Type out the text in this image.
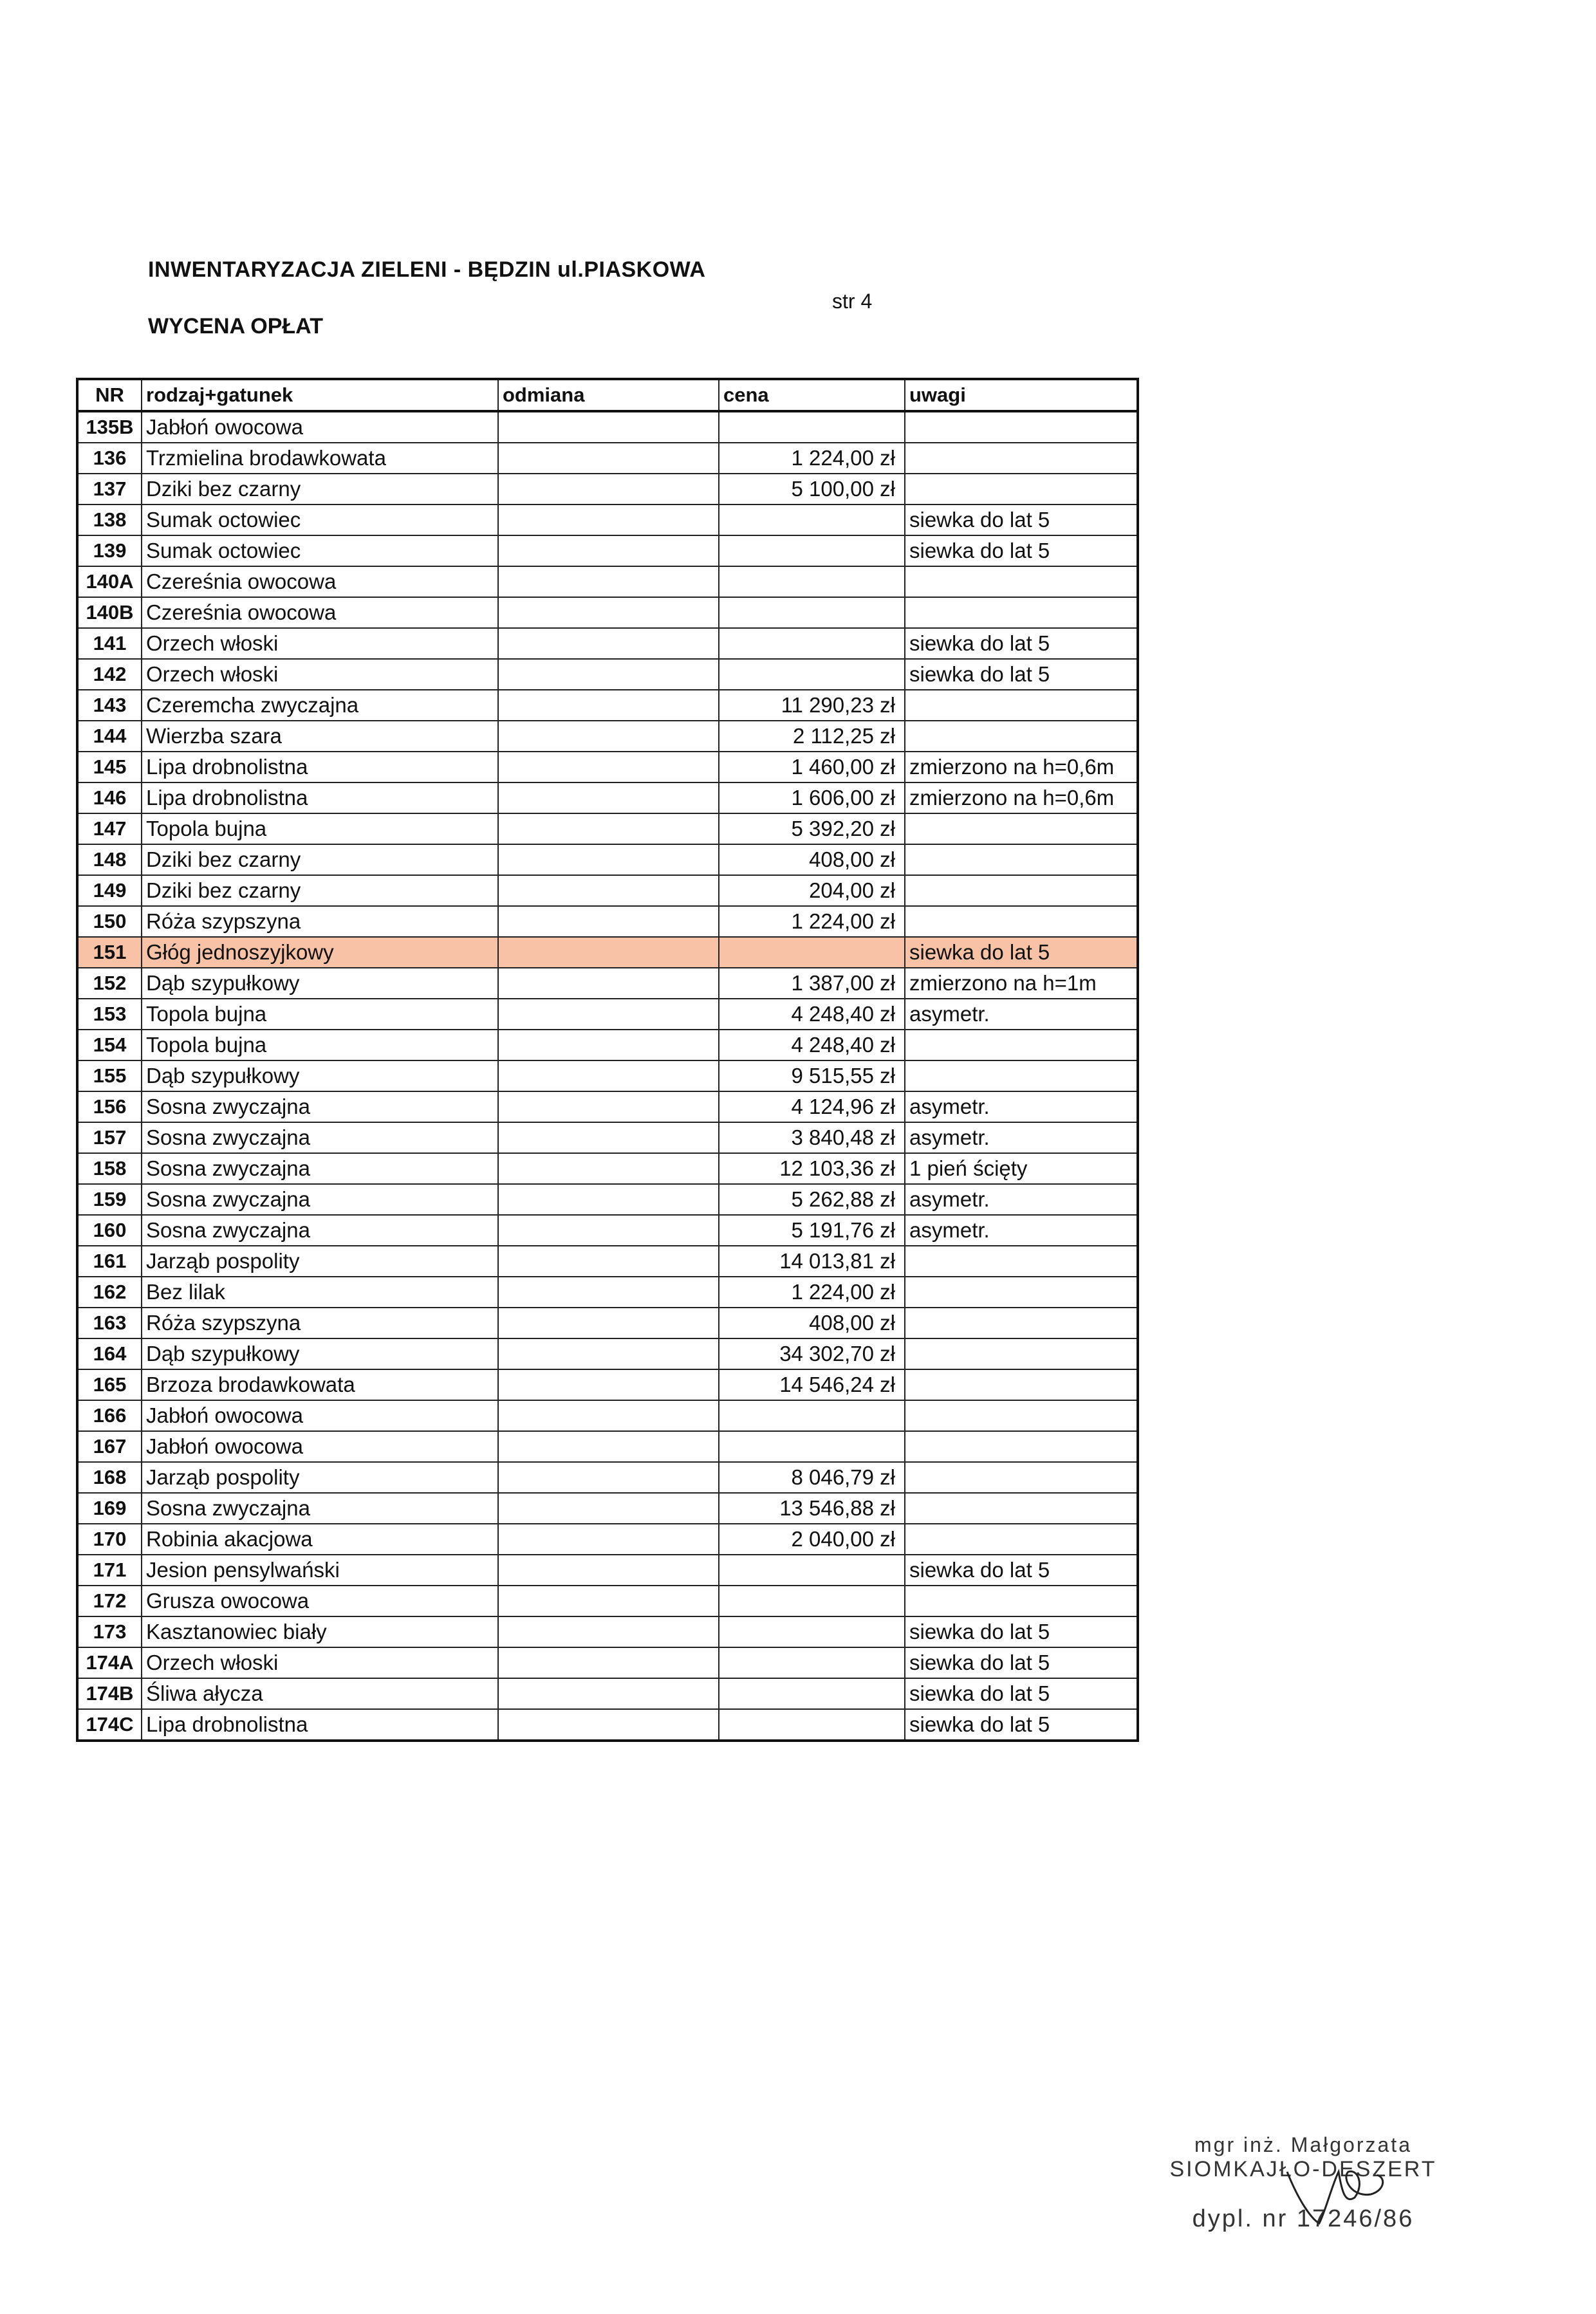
INWENTARYZACJA ZIELENI - BĘDZIN ul.PIASKOWA
WYCENA OPŁAT
str 4
NR	rodzaj+gatunek	odmiana	cena	uwagi
135B	Jabłoń owocowa			
136	Trzmielina brodawkowata		1 224,00 zł	
137	Dziki bez czarny		5 100,00 zł	
138	Sumak octowiec			siewka do lat 5
139	Sumak octowiec			siewka do lat 5
140A	Czereśnia owocowa			
140B	Czereśnia owocowa			
141	Orzech włoski			siewka do lat 5
142	Orzech włoski			siewka do lat 5
143	Czeremcha zwyczajna		11 290,23 zł	
144	Wierzba szara		2 112,25 zł	
145	Lipa drobnolistna		1 460,00 zł	zmierzono na h=0,6m
146	Lipa drobnolistna		1 606,00 zł	zmierzono na h=0,6m
147	Topola bujna		5 392,20 zł	
148	Dziki bez czarny		408,00 zł	
149	Dziki bez czarny		204,00 zł	
150	Róża szypszyna		1 224,00 zł	
151	Głóg jednoszyjkowy			siewka do lat 5
152	Dąb szypułkowy		1 387,00 zł	zmierzono na h=1m
153	Topola bujna		4 248,40 zł	asymetr.
154	Topola bujna		4 248,40 zł	
155	Dąb szypułkowy		9 515,55 zł	
156	Sosna zwyczajna		4 124,96 zł	asymetr.
157	Sosna zwyczajna		3 840,48 zł	asymetr.
158	Sosna zwyczajna		12 103,36 zł	1 pień ścięty
159	Sosna zwyczajna		5 262,88 zł	asymetr.
160	Sosna zwyczajna		5 191,76 zł	asymetr.
161	Jarząb pospolity		14 013,81 zł	
162	Bez lilak		1 224,00 zł	
163	Róża szypszyna		408,00 zł	
164	Dąb szypułkowy		34 302,70 zł	
165	Brzoza brodawkowata		14 546,24 zł	
166	Jabłoń owocowa			
167	Jabłoń owocowa			
168	Jarząb pospolity		8 046,79 zł	
169	Sosna zwyczajna		13 546,88 zł	
170	Robinia akacjowa		2 040,00 zł	
171	Jesion pensylwański			siewka do lat 5
172	Grusza owocowa			
173	Kasztanowiec biały			siewka do lat 5
174A	Orzech włoski			siewka do lat 5
174B	Śliwa ałycza			siewka do lat 5
174C	Lipa drobnolistna			siewka do lat 5
mgr inż. Małgorzata
SIOMKAJŁO-DESZERT
dypl. nr 17246/86
